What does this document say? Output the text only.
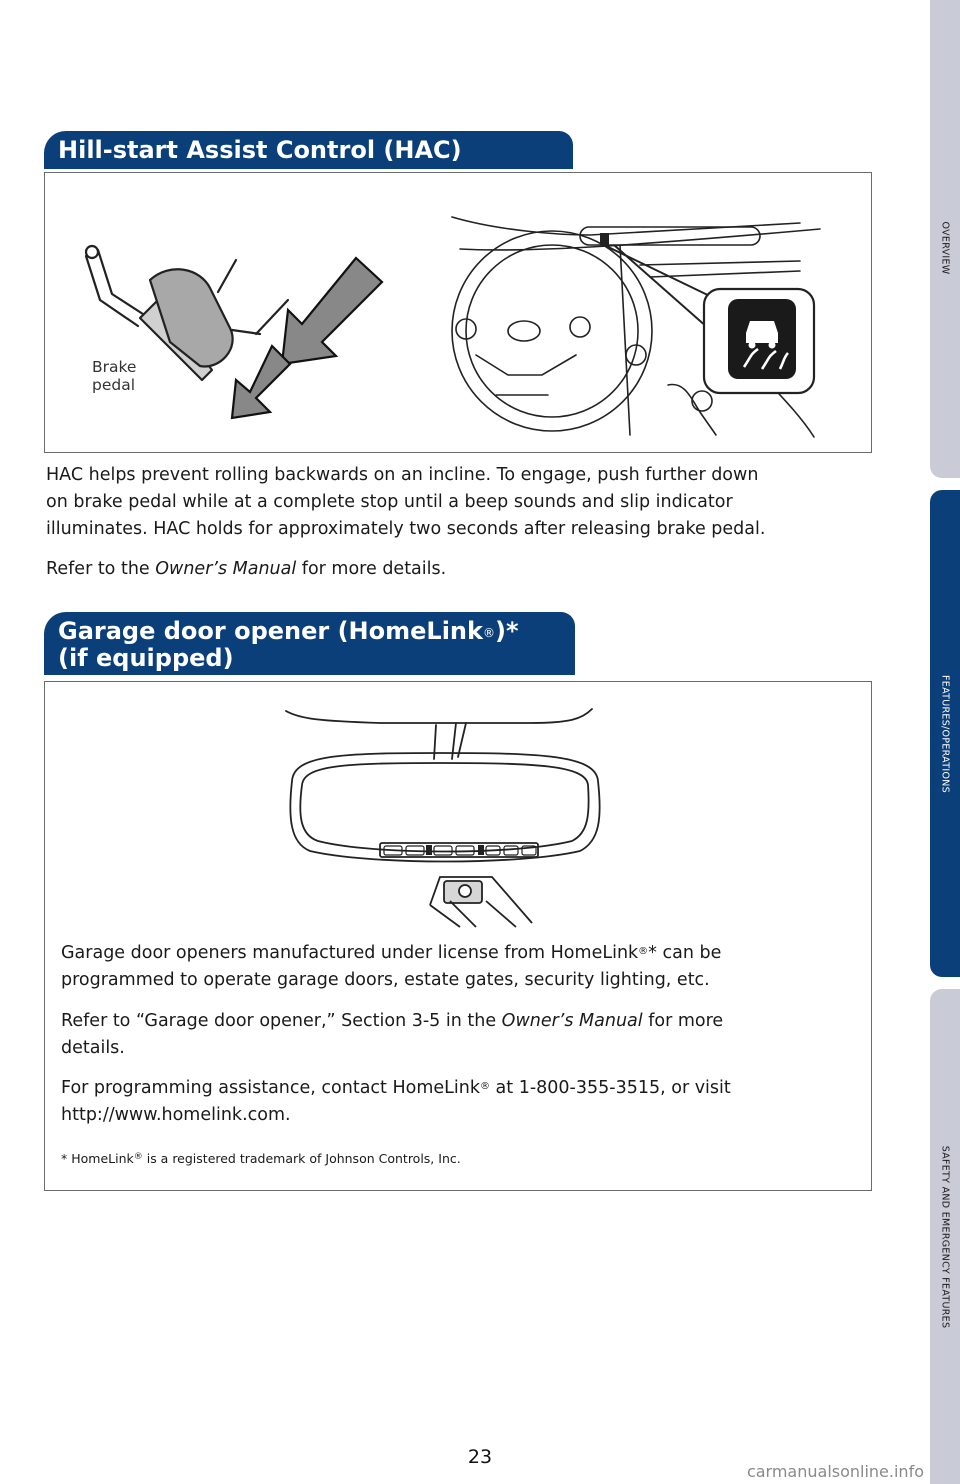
OVERVIEW
FEATURES/OPERATIONS
SAFETY AND EMERGENCY FEATURES
Hill-start Assist Control (HAC)
Brake
pedal
HAC helps prevent rolling backwards on an incline. To engage, push further down
on brake pedal while at a complete stop until a beep sounds and slip indicator
illuminates. HAC holds for approximately two seconds after releasing brake pedal.
Refer to the Owner’s Manual for more details.
Garage door opener (HomeLink®)*
(if equipped)
Garage door openers manufactured under license from HomeLink®* can be
programmed to operate garage doors, estate gates, security lighting, etc.
Refer to “Garage door opener,” Section 3-5 in the Owner’s Manual for more
details.
For programming assistance, contact HomeLink® at 1-800-355-3515, or visit
http://www.homelink.com.
* HomeLink® is a registered trademark of Johnson Controls, Inc.
23
carmanualsonline.info
